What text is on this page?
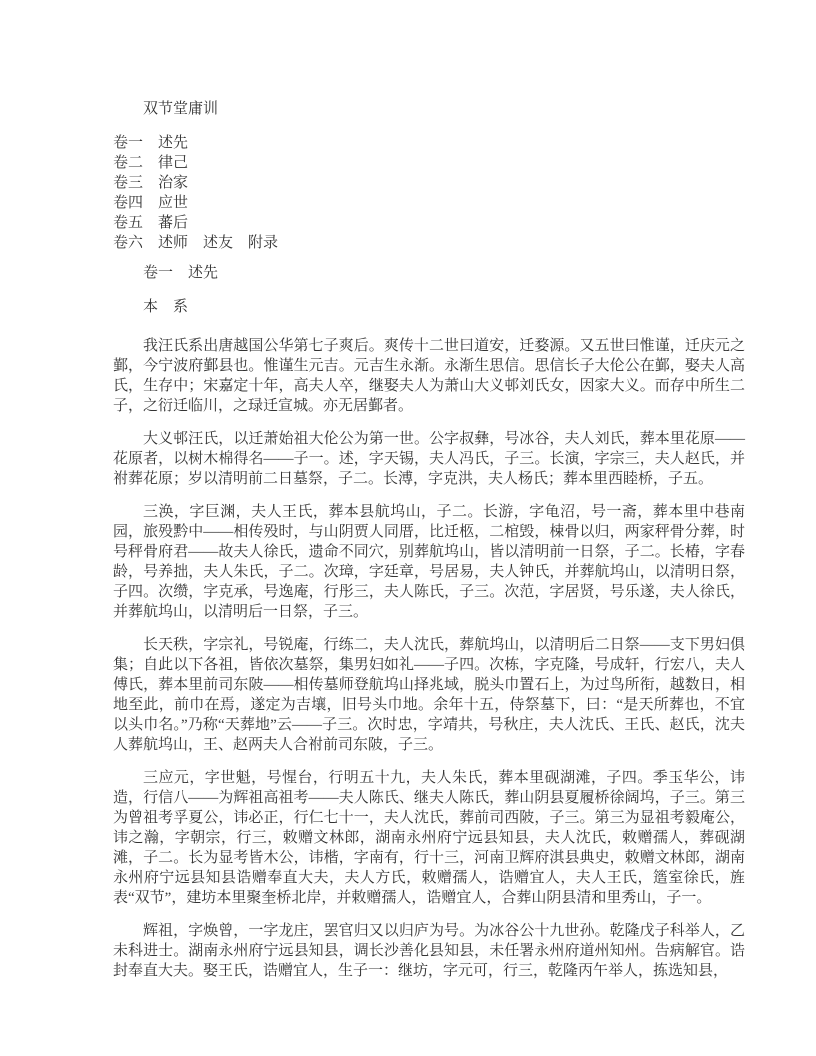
双节堂庸训
卷一　述先
卷二　律己
卷三　治家
卷四　应世
卷五　蕃后
卷六　述师　述友　附录
卷一　述先
本　系

我汪氏系出唐越国公华第七子爽后。爽传十二世曰道安，迁婺源。又五世曰惟谨，迁庆元之鄞，今宁波府鄞县也。惟谨生元吉。元吉生永渐。永渐生思信。思信长子大伦公在鄞，娶夫人高氏，生存中；宋嘉定十年，高夫人卒，继娶夫人为萧山大义邨刘氏女，因家大义。而存中所生二子，之衍迁临川，之琭迁宣城。亦无居鄞者。

大义邨汪氏，以迁萧始祖大伦公为第一世。公字叔彝，号冰谷，夫人刘氏，葬本里花原——花原者，以树木棉得名——子一。述，字天锡，夫人冯氏，子三。长演，字宗三，夫人赵氏，并祔葬花原；岁以清明前二日墓祭，子二。长溥，字克洪，夫人杨氏；葬本里西睦桥，子五。

三涣，字巨渊，夫人王氏，葬本县航坞山，子二。长游，字龟沼，号一斋，葬本里中巷南园，旅殁黔中——相传殁时，与山阴贾人同厝，比迁柩，二棺毁，梀骨以归，两家秤骨分葬，时号秤骨府君——故夫人徐氏，遗命不同穴，别葬航坞山，皆以清明前一日祭，子二。长椿，字春龄，号养拙，夫人朱氏，子二。次璋，字廷章，号居易，夫人钟氏，并葬航坞山，以清明日祭，子四。次缵，字克承，号逸庵，行彤三，夫人陈氏，子三。次范，字居贤，号乐遂，夫人徐氏，并葬航坞山，以清明后一日祭，子三。

长天秩，字宗礼，号锐庵，行练二，夫人沈氏，葬航坞山，以清明后二日祭——支下男妇俱集；自此以下各祖，皆依次墓祭，集男妇如礼——子四。次栋，字克隆，号成轩，行宏八，夫人傅氏，葬本里前司东陂——相传墓师登航坞山择兆域，脱头巾置石上，为过鸟所衔，越数日，相地至此，前巾在焉，遂定为吉壤，旧号头巾地。余年十五，侍祭墓下，曰：“是天所葬也，不宜以头巾名。”乃称“天葬地”云——子三。次时忠，字靖共，号秋庄，夫人沈氏、王氏、赵氏，沈夫人葬航坞山，王、赵两夫人合祔前司东陂，子三。

三应元，字世魁，号惺台，行明五十九，夫人朱氏，葬本里砚湖滩，子四。季玉华公，讳造，行信八——为辉祖高祖考——夫人陈氏、继夫人陈氏，葬山阴县夏履桥徐阔坞，子三。第三为曾祖考孚夏公，讳必正，行仁七十一，夫人沈氏，葬前司西陂，子三。第三为显祖考毅庵公，讳之瀚，字朝宗，行三，敕赠文林郎，湖南永州府宁远县知县，夫人沈氏，敕赠孺人，葬砚湖滩，子二。长为显考皆木公，讳楷，字南有，行十三，河南卫辉府淇县典史，敕赠文林郎，湖南永州府宁远县知县诰赠奉直大夫，夫人方氏，敕赠孺人，诰赠宜人，夫人王氏，簉室徐氏，旌表“双节”，建坊本里聚奎桥北岸，并敕赠孺人，诰赠宜人，合葬山阴县清和里秀山，子一。

辉祖，字焕曾，一字龙庄，罢官归又以归庐为号。为冰谷公十九世孙。乾隆戊子科举人，乙未科进士。湖南永州府宁远县知县，调长沙善化县知县，未任署永州府道州知州。告病解官。诰封奉直大夫。娶王氏，诰赠宜人，生子一：继坊，字元可，行三，乾隆丙午举人，拣选知县，
